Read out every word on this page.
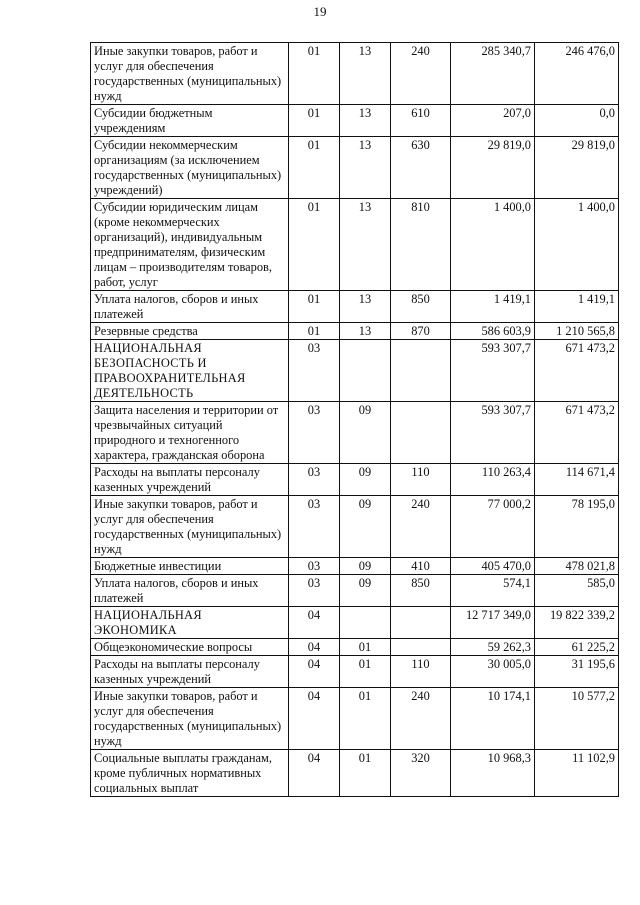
19
Иные закупки товаров, работ и услуг для обеспечения государственных (муниципальных) нужд	01	13	240	285 340,7	246 476,0
Субсидии бюджетным учреждениям	01	13	610	207,0	0,0
Субсидии некоммерческим организациям (за исключением государственных (муниципальных) учреждений)	01	13	630	29 819,0	29 819,0
Субсидии юридическим лицам (кроме некоммерческих организаций), индивидуальным предпринимателям, физическим лицам – производителям товаров, работ, услуг	01	13	810	1 400,0	1 400,0
Уплата налогов, сборов и иных платежей	01	13	850	1 419,1	1 419,1
Резервные средства	01	13	870	586 603,9	1 210 565,8
НАЦИОНАЛЬНАЯ БЕЗОПАСНОСТЬ И ПРАВООХРАНИТЕЛЬНАЯ ДЕЯТЕЛЬНОСТЬ	03			593 307,7	671 473,2
Защита населения и территории от чрезвычайных ситуаций природного и техногенного характера, гражданская оборона	03	09		593 307,7	671 473,2
Расходы на выплаты персоналу казенных учреждений	03	09	110	110 263,4	114 671,4
Иные закупки товаров, работ и услуг для обеспечения государственных (муниципальных) нужд	03	09	240	77 000,2	78 195,0
Бюджетные инвестиции	03	09	410	405 470,0	478 021,8
Уплата налогов, сборов и иных платежей	03	09	850	574,1	585,0
НАЦИОНАЛЬНАЯ ЭКОНОМИКА	04			12 717 349,0	19 822 339,2
Общеэкономические вопросы	04	01		59 262,3	61 225,2
Расходы на выплаты персоналу казенных учреждений	04	01	110	30 005,0	31 195,6
Иные закупки товаров, работ и услуг для обеспечения государственных (муниципальных) нужд	04	01	240	10 174,1	10 577,2
Социальные выплаты гражданам, кроме публичных нормативных социальных выплат	04	01	320	10 968,3	11 102,9
